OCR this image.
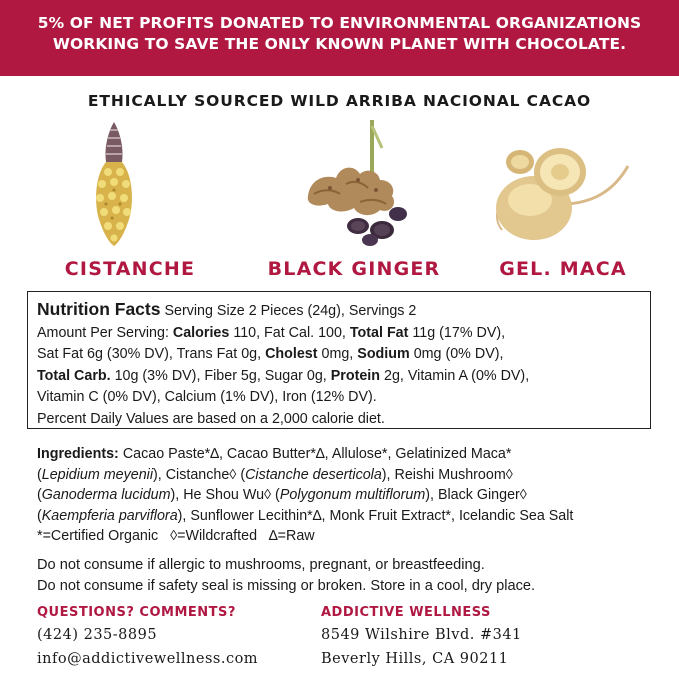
5% OF NET PROFITS DONATED TO ENVIRONMENTAL ORGANIZATIONS
WORKING TO SAVE THE ONLY KNOWN PLANET WITH CHOCOLATE.
ETHICALLY SOURCED WILD ARRIBA NACIONAL CACAO
CISTANCHE	BLACK GINGER	GEL. MACA
Nutrition Facts Serving Size 2 Pieces (24g), Servings 2
Amount Per Serving: Calories 110, Fat Cal. 100, Total Fat 11g (17% DV),
Sat Fat 6g (30% DV), Trans Fat 0g, Cholest 0mg, Sodium 0mg (0% DV),
Total Carb. 10g (3% DV), Fiber 5g, Sugar 0g, Protein 2g, Vitamin A (0% DV),
Vitamin C (0% DV), Calcium (1% DV), Iron (12% DV).
Percent Daily Values are based on a 2,000 calorie diet.
Ingredients: Cacao Paste*∆, Cacao Butter*∆, Allulose*, Gelatinized Maca*
(Lepidium meyenii), Cistanche◊ (Cistanche deserticola), Reishi Mushroom◊
(Ganoderma lucidum), He Shou Wu◊ (Polygonum multiflorum), Black Ginger◊
(Kaempferia parviflora), Sunflower Lecithin*∆, Monk Fruit Extract*, Icelandic Sea Salt
*=Certified Organic   ◊=Wildcrafted   ∆=Raw
Do not consume if allergic to mushrooms, pregnant, or breastfeeding.
Do not consume if safety seal is missing or broken. Store in a cool, dry place.
QUESTIONS? COMMENTS?
(424) 235-8895
info@addictivewellness.com
ADDICTIVE WELLNESS
8549 Wilshire Blvd. #341
Beverly Hills, CA 90211
